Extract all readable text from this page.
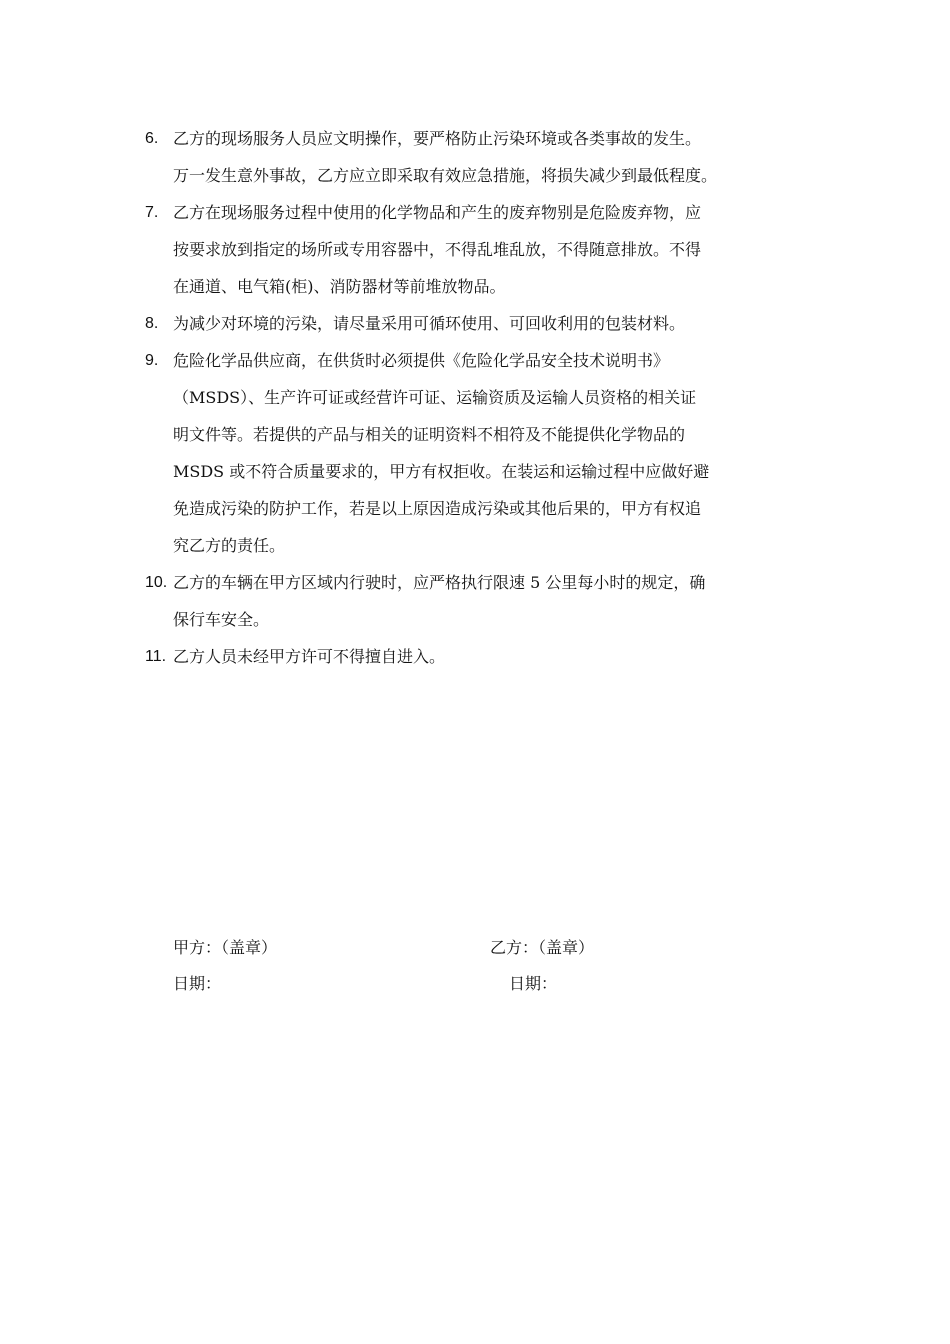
6. 乙方的现场服务人员应文明操作，要严格防止污染环境或各类事故的发生。
万一发生意外事故，乙方应立即采取有效应急措施，将损失减少到最低程度。
7. 乙方在现场服务过程中使用的化学物品和产生的废弃物别是危险废弃物，应
按要求放到指定的场所或专用容器中，不得乱堆乱放，不得随意排放。不得
在通道、电气箱(柜)、消防器材等前堆放物品。
8. 为减少对环境的污染，请尽量采用可循环使用、可回收利用的包装材料。
9. 危险化学品供应商，在供货时必须提供《危险化学品安全技术说明书》
（MSDS）、生产许可证或经营许可证、运输资质及运输人员资格的相关证
明文件等。若提供的产品与相关的证明资料不相符及不能提供化学物品的
MSDS 或不符合质量要求的，甲方有权拒收。在装运和运输过程中应做好避
免造成污染的防护工作，若是以上原因造成污染或其他后果的，甲方有权追
究乙方的责任。
10. 乙方的车辆在甲方区域内行驶时，应严格执行限速 5 公里每小时的规定，确
保行车安全。
11. 乙方人员未经甲方许可不得擅自进入。
甲方：（盖章）	乙方：（盖章）
日期：	日期：
